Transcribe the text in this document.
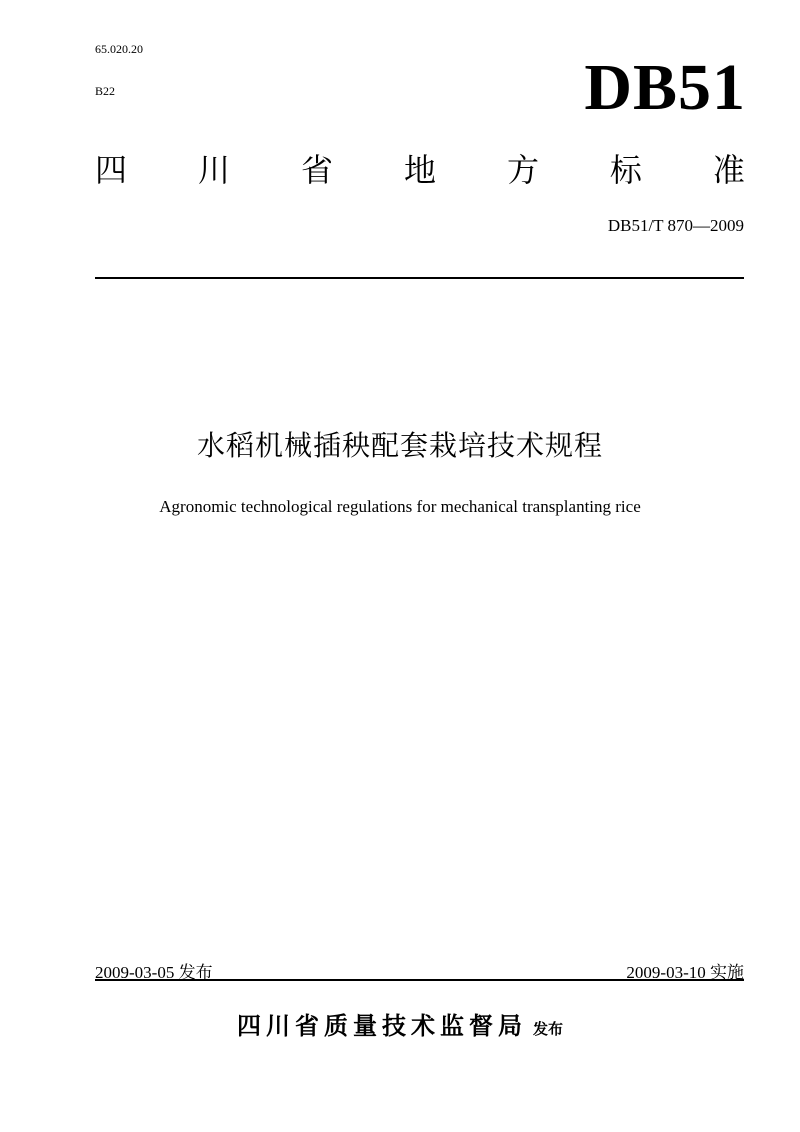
65.020.20
B22	DB51
四 川 省 地 方 标 准
DB51/T 870—2009
水稻机械插秧配套栽培技术规程
Agronomic technological regulations for mechanical transplanting rice
2009-03-05 发布	2009-03-10 实施
四川省质量技术监督局 发布
